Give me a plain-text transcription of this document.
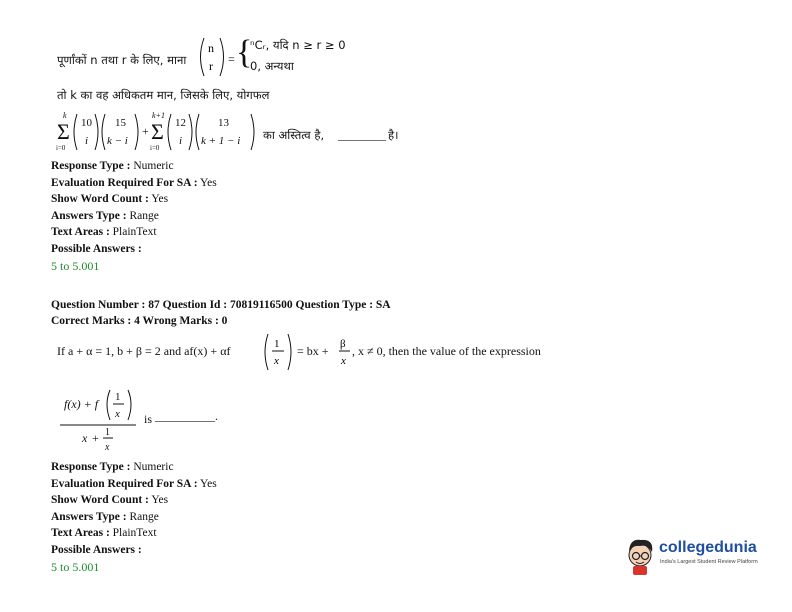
पूर्णांकों n तथा r के लिए, माना
n
r = {
ⁿCᵣ, यदि n ≥ r ≥ 0
0, अन्यथा
तो k का वह अधिकतम मान, जिसके लिए, योगफल
k
Σ
i=0
10
i
15
k − i
+
k+1
Σ
i=0
12
i
13
k + 1 − i का अस्तित्व है, ________ है।
Response Type : Numeric
Evaluation Required For SA : Yes
Show Word Count : Yes
Answers Type : Range
Text Areas : PlainText
Possible Answers :
5 to 5.001
Question Number : 87 Question Id : 70819116500 Question Type : SA
Correct Marks : 4 Wrong Marks : 0
If a + α = 1, b + β = 2 and af(x) + αf	1
x
= bx + β
x
, x ≠ 0, then the value of the expression
f(x) + f 1
x
x + 1
x
is __________.
Response Type : Numeric
Evaluation Required For SA : Yes
Show Word Count : Yes
Answers Type : Range
Text Areas : PlainText
Possible Answers :
5 to 5.001
collegedunia
India's Largest Student Review Platform
